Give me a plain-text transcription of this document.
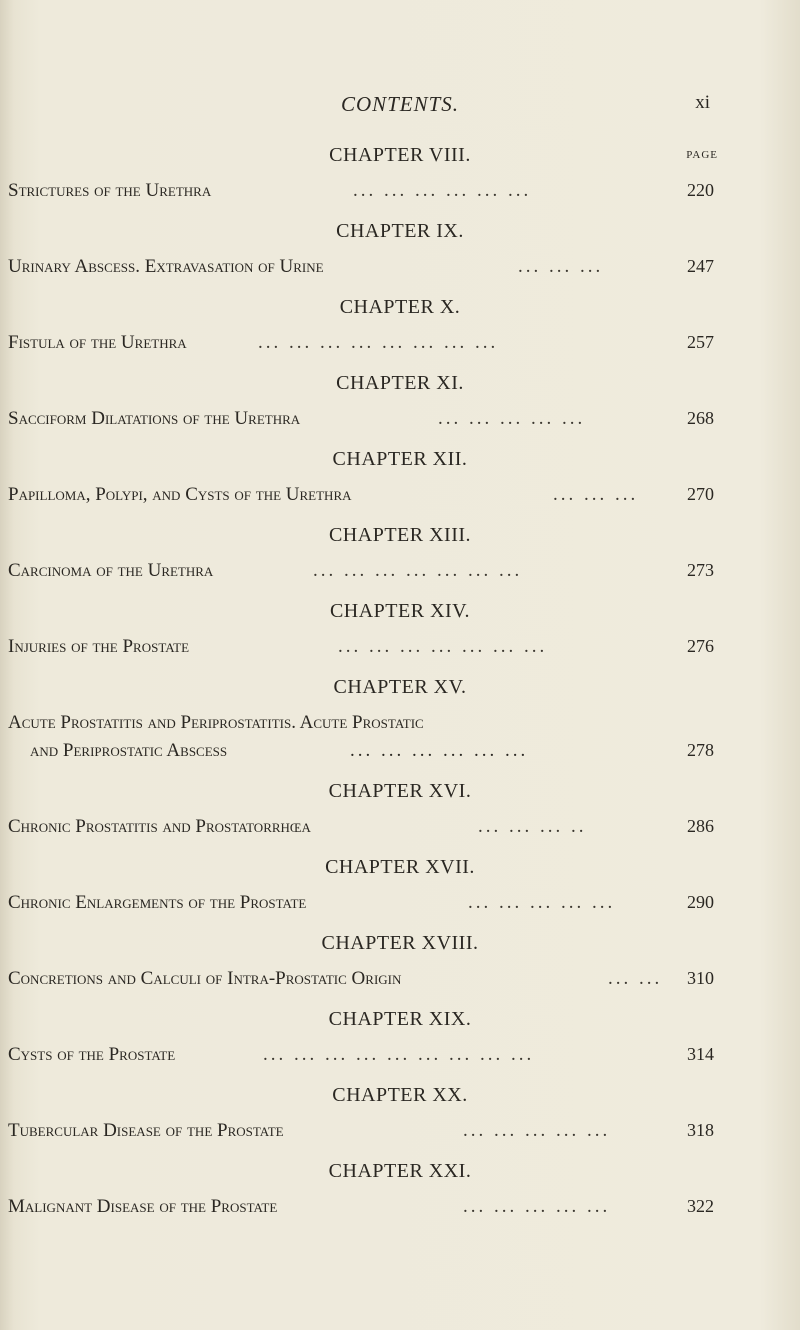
CONTENTS.	xi
CHAPTER VIII.	PAGE
Strictures of the Urethra	... ... ... ... ... ...	220
CHAPTER IX.
Urinary Abscess. Extravasation of Urine	... ... ...	247
CHAPTER X.
Fistula of the Urethra	... ... ... ... ... ... ... ...	257
CHAPTER XI.
Sacciform Dilatations of the Urethra	... ... ... ... ...	268
CHAPTER XII.
Papilloma, Polypi, and Cysts of the Urethra	... ... ...	270
CHAPTER XIII.
Carcinoma of the Urethra	... ... ... ... ... ... ...	273
CHAPTER XIV.
Injuries of the Prostate	... ... ... ... ... ... ...	276
CHAPTER XV.
Acute Prostatitis and Periprostatitis. Acute Prostatic
and Periprostatic Abscess	... ... ... ... ... ...	278
CHAPTER XVI.
Chronic Prostatitis and Prostatorrhœa	... ... ... ..	286
CHAPTER XVII.
Chronic Enlargements of the Prostate	... ... ... ... ...	290
CHAPTER XVIII.
Concretions and Calculi of Intra-Prostatic Origin	... ... 310
CHAPTER XIX.
Cysts of the Prostate	... ... ... ... ... ... ... ... ...	314
CHAPTER XX.
Tubercular Disease of the Prostate	... ... ... ... ...	318
CHAPTER XXI.
Malignant Disease of the Prostate	... ... ... ... ...	322
